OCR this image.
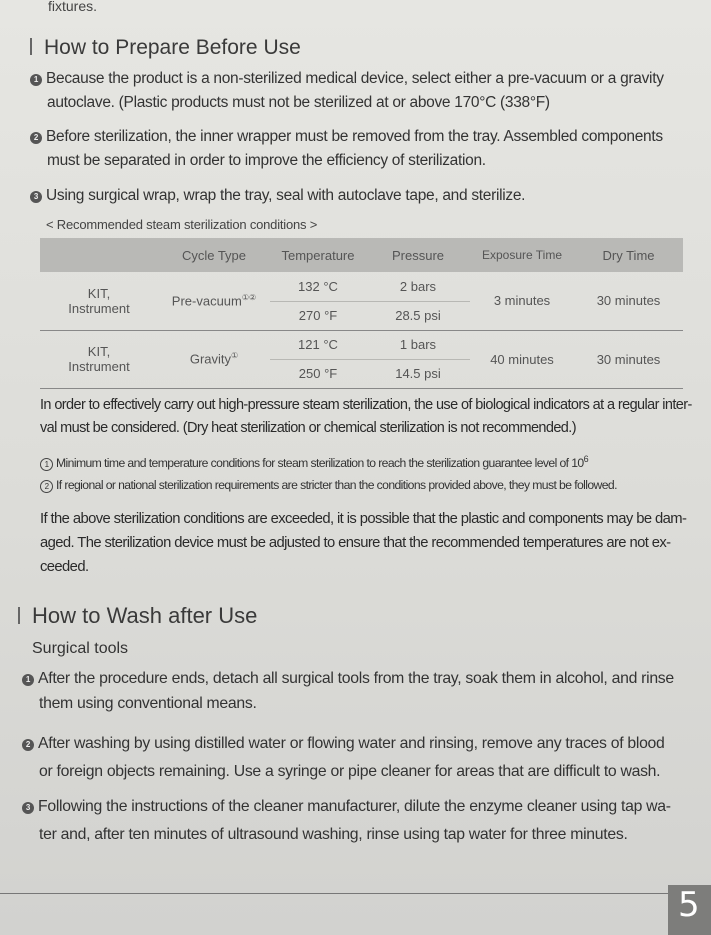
fixtures.
How to Prepare Before Use
1 Because the product is a non-sterilized medical device, select either a pre-vacuum or a gravity
autoclave. (Plastic products must not be sterilized at or above 170°C (338°F)
2 Before sterilization, the inner wrapper must be removed from the tray. Assembled components
must be separated in order to improve the efficiency of sterilization.
3 Using surgical wrap, wrap the tray, seal with autoclave tape, and sterilize.
< Recommended steam sterilization conditions >
	Cycle Type	Temperature	Pressure	Exposure Time	Dry Time
KIT, Instrument	Pre-vacuum①②	132 °C	2 bars	3 minutes	30 minutes
		270 °F	28.5 psi		
KIT, Instrument	Gravity①	121 °C	1 bars	40 minutes	30 minutes
		250 °F	14.5 psi		
In order to effectively carry out high-pressure steam sterilization, the use of biological indicators at a regular inter-
val must be considered. (Dry heat sterilization or chemical sterilization is not recommended.)
1 Minimum time and temperature conditions for steam sterilization to reach the sterilization guarantee level of $10^6$
2 If regional or national sterilization requirements are stricter than the conditions provided above, they must be followed.
If the above sterilization conditions are exceeded, it is possible that the plastic and components may be dam-
aged. The sterilization device must be adjusted to ensure that the recommended temperatures are not ex-
ceeded.
How to Wash after Use
Surgical tools
1 After the procedure ends, detach all surgical tools from the tray, soak them in alcohol, and rinse
them using conventional means.
2 After washing by using distilled water or flowing water and rinsing, remove any traces of blood
or foreign objects remaining. Use a syringe or pipe cleaner for areas that are difficult to wash.
3 Following the instructions of the cleaner manufacturer, dilute the enzyme cleaner using tap wa-
ter and, after ten minutes of ultrasound washing, rinse using tap water for three minutes.
5
